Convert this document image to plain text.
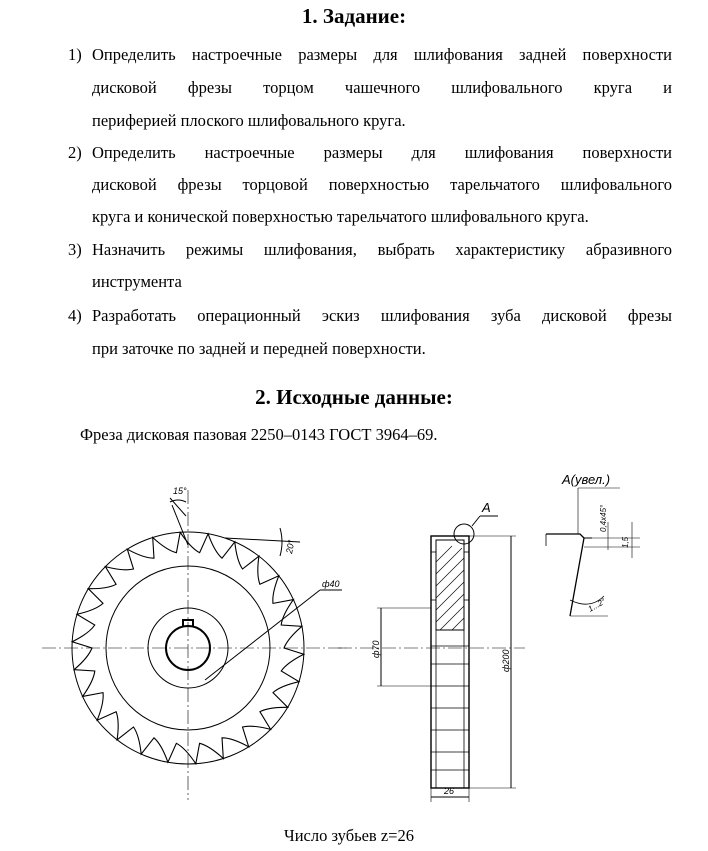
1. Задание:
1) Определить настроечные размеры для шлифования задней поверхности
дисковой фрезы торцом чашечного шлифовального круга и
периферией плоского шлифовального круга.
2) Определить настроечные размеры для шлифования поверхности
дисковой фрезы торцовой поверхностью тарельчатого шлифовального
круга и конической поверхностью тарельчатого шлифовального круга.
3) Назначить режимы шлифования, выбрать характеристику абразивного
инструмента
4) Разработать операционный эскиз шлифования зуба дисковой фрезы
при заточке по задней и передней поверхности.
2. Исходные данные:
Фреза дисковая пазовая 2250–0143 ГОСТ 3964–69.
15°
20°
ф40
ф70
ф200
26
A
А(увел.)
0,4х45°
1,5
1...2°
Число зубьев z=26
